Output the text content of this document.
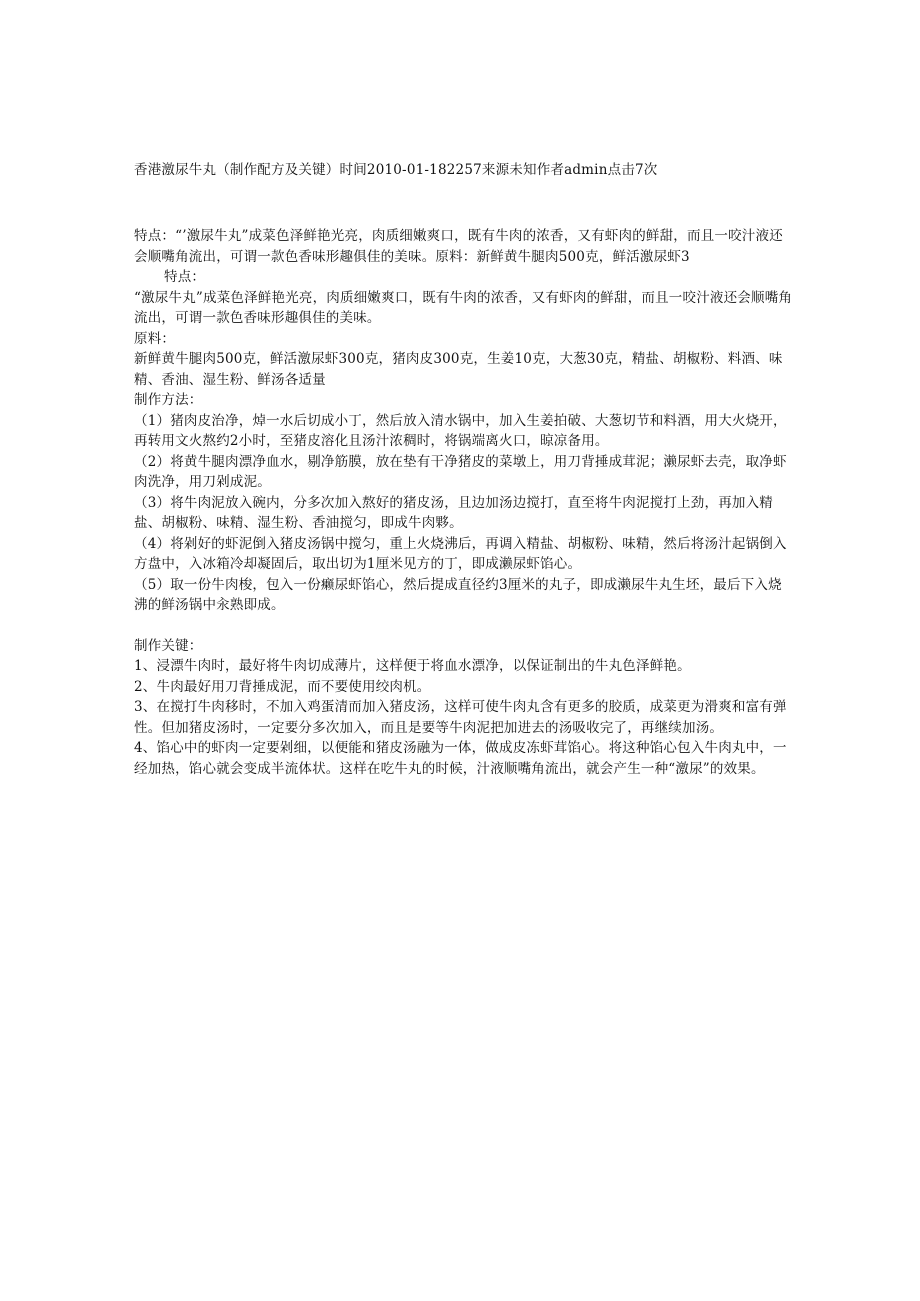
香港激尿牛丸（制作配方及关键）时间2010-01-182257来源未知作者admin点击7次

特点：“’激尿牛丸”成菜色泽鲜艳光亮，肉质细嫩爽口，既有牛肉的浓香，又有虾肉的鲜甜，而且一咬汁液还会顺嘴角流出，可谓一款色香味形趣俱佳的美味。原料：新鲜黄牛腿肉500克，鲜活激尿虾3

特点：

“激尿牛丸”成菜色泽鲜艳光亮，肉质细嫩爽口，既有牛肉的浓香，又有虾肉的鲜甜，而且一咬汁液还会顺嘴角流出，可谓一款色香味形趣俱佳的美味。

原料：

新鲜黄牛腿肉500克，鲜活激尿虾300克，猪肉皮300克，生姜10克，大葱30克，精盐、胡椒粉、料酒、味精、香油、湿生粉、鲜汤各适量

制作方法：

（1）猪肉皮治净，焯一水后切成小丁，然后放入清水锅中，加入生姜拍破、大葱切节和料酒，用大火烧开，再转用文火熬约2小时，至猪皮溶化且汤汁浓稠时，将锅端离火口，晾凉备用。

（2）将黄牛腿肉漂净血水，剔净筋膜，放在垫有干净猪皮的菜墩上，用刀背捶成茸泥；濑尿虾去壳，取净虾肉洗净，用刀剁成泥。

（3）将牛肉泥放入碗内，分多次加入熬好的猪皮汤，且边加汤边搅打，直至将牛肉泥搅打上劲，再加入精盐、胡椒粉、味精、湿生粉、香油搅匀，即成牛肉夥。

（4）将剁好的虾泥倒入猪皮汤锅中搅匀，重上火烧沸后，再调入精盐、胡椒粉、味精，然后将汤汁起锅倒入方盘中，入冰箱冷却凝固后，取出切为1厘米见方的丁，即成濑尿虾馅心。

（5）取一份牛肉梭，包入一份癞尿虾馅心，然后提成直径约3厘米的丸子，即成濑尿牛丸生坯，最后下入烧沸的鲜汤锅中汆熟即成。

制作关键：

1、浸漂牛肉时，最好将牛肉切成薄片，这样便于将血水漂净，以保证制出的牛丸色泽鲜艳。

2、牛肉最好用刀背捶成泥，而不要使用绞肉机。

3、在搅打牛肉移时，不加入鸡蛋清而加入猪皮汤，这样可使牛肉丸含有更多的胶质，成菜更为滑爽和富有弹性。但加猪皮汤时，一定要分多次加入，而且是要等牛肉泥把加进去的汤吸收完了，再继续加汤。

4、馅心中的虾肉一定要剁细，以便能和猪皮汤融为一体，做成皮冻虾茸馅心。将这种馅心包入牛肉丸中，一经加热，馅心就会变成半流体状。这样在吃牛丸的时候，汁液顺嘴角流出，就会产生一种“激尿”的效果。
